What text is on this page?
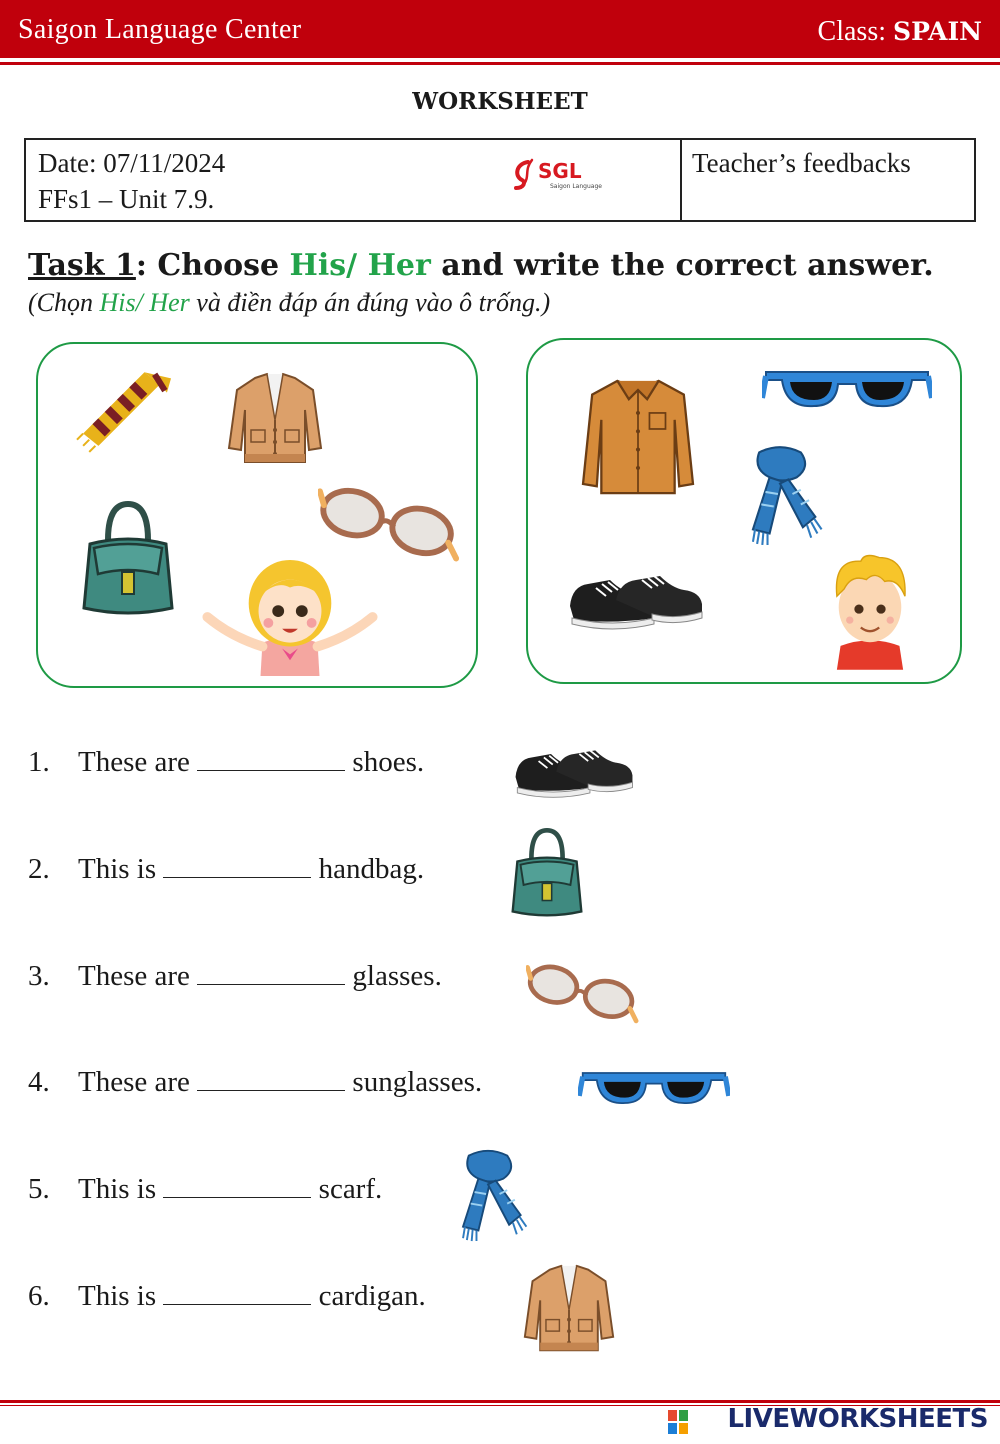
Saigon Language Center	Class: SPAIN
WORKSHEET
Date: 07/11/2024
FFs1 – Unit 7.9.
SGL
Saigon Language
Teacher’s feedbacks
Task 1: Choose His/ Her and write the correct answer.
(Chọn His/ Her và điền đáp án đúng vào ô trống.)
1. These are	shoes.
2. This is	handbag.
3. These are	glasses.
4. These are	sunglasses.
5. This is	scarf.
6. This is	cardigan.
LIVEWORKSHEETS
